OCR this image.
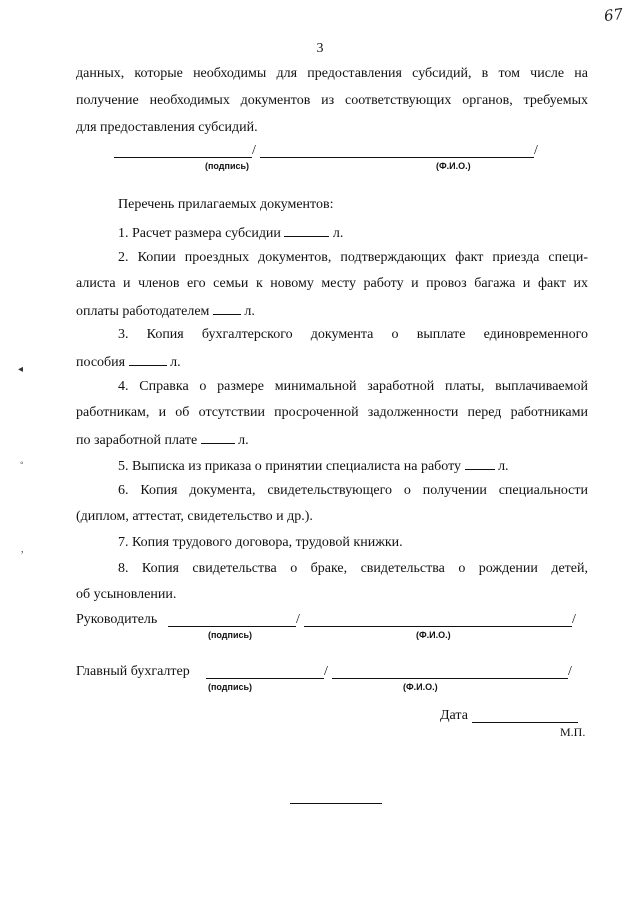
67
3
данных, которые необходимы для предоставления субсидий, в том числе на
получение необходимых документов из соответствующих органов, требуемых
для предоставления субсидий.
/	/
(подпись)	(Ф.И.О.)
Перечень прилагаемых документов:
1. Расчет размера субсидии	л.
2. Копии проездных документов, подтверждающих факт приезда специ-
алиста и членов его семьи к новому месту работу и провоз багажа и факт их
оплаты работодателем	л.
3. Копия бухгалтерского документа о выплате единовременного
пособия	л.
4. Справка о размере минимальной заработной платы, выплачиваемой
работникам, и об отсутствии просроченной задолженности перед работниками
по заработной плате	л.
5. Выписка из приказа о принятии специалиста на работу	л.
6. Копия документа, свидетельствующего о получении специальности
(диплом, аттестат, свидетельство и др.).
7. Копия трудового договора, трудовой книжки.
8. Копия свидетельства о браке, свидетельства о рождении детей,
об усыновлении.
Руководитель	/	/
(подпись)	(Ф.И.О.)
Главный бухгалтер	/	/
(подпись)	(Ф.И.О.)
Дата
М.П.
◂
◦
,
